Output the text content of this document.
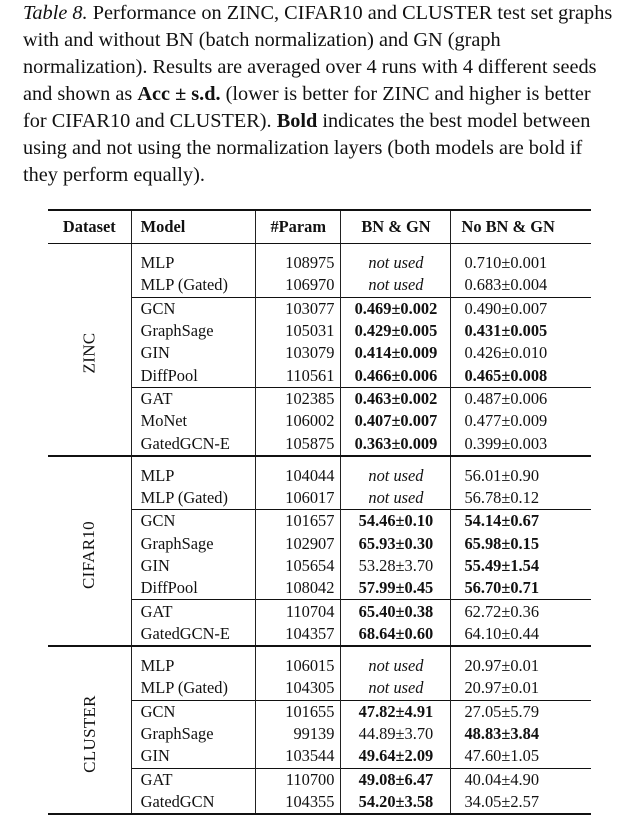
Table 8. Performance on ZINC, CIFAR10 and CLUSTER test set graphs with and without BN (batch normalization) and GN (graph normalization). Results are averaged over 4 runs with 4 different seeds and shown as Acc ± s.d. (lower is better for ZINC and higher is better for CIFAR10 and CLUSTER). Bold indicates the best model between using and not using the normalization layers (both models are bold if they perform equally).
Dataset	Model	#Param	BN & GN	No BN & GN

ZINC	MLP	108975	not used	0.710±0.001
	MLP (Gated)	106970	not used	0.683±0.004
	GCN	103077	0.469±0.002	0.490±0.007
	GraphSage	105031	0.429±0.005	0.431±0.005
	GIN	103079	0.414±0.009	0.426±0.010
	DiffPool	110561	0.466±0.006	0.465±0.008
	GAT	102385	0.463±0.002	0.487±0.006
	MoNet	106002	0.407±0.007	0.477±0.009
	GatedGCN-E	105875	0.363±0.009	0.399±0.003

CIFAR10	MLP	104044	not used	56.01±0.90
	MLP (Gated)	106017	not used	56.78±0.12
	GCN	101657	54.46±0.10	54.14±0.67
	GraphSage	102907	65.93±0.30	65.98±0.15
	GIN	105654	53.28±3.70	55.49±1.54
	DiffPool	108042	57.99±0.45	56.70±0.71
	GAT	110704	65.40±0.38	62.72±0.36
	GatedGCN-E	104357	68.64±0.60	64.10±0.44

CLUSTER	MLP	106015	not used	20.97±0.01
	MLP (Gated)	104305	not used	20.97±0.01
	GCN	101655	47.82±4.91	27.05±5.79
	GraphSage	99139	44.89±3.70	48.83±3.84
	GIN	103544	49.64±2.09	47.60±1.05
	GAT	110700	49.08±6.47	40.04±4.90
	GatedGCN	104355	54.20±3.58	34.05±2.57
